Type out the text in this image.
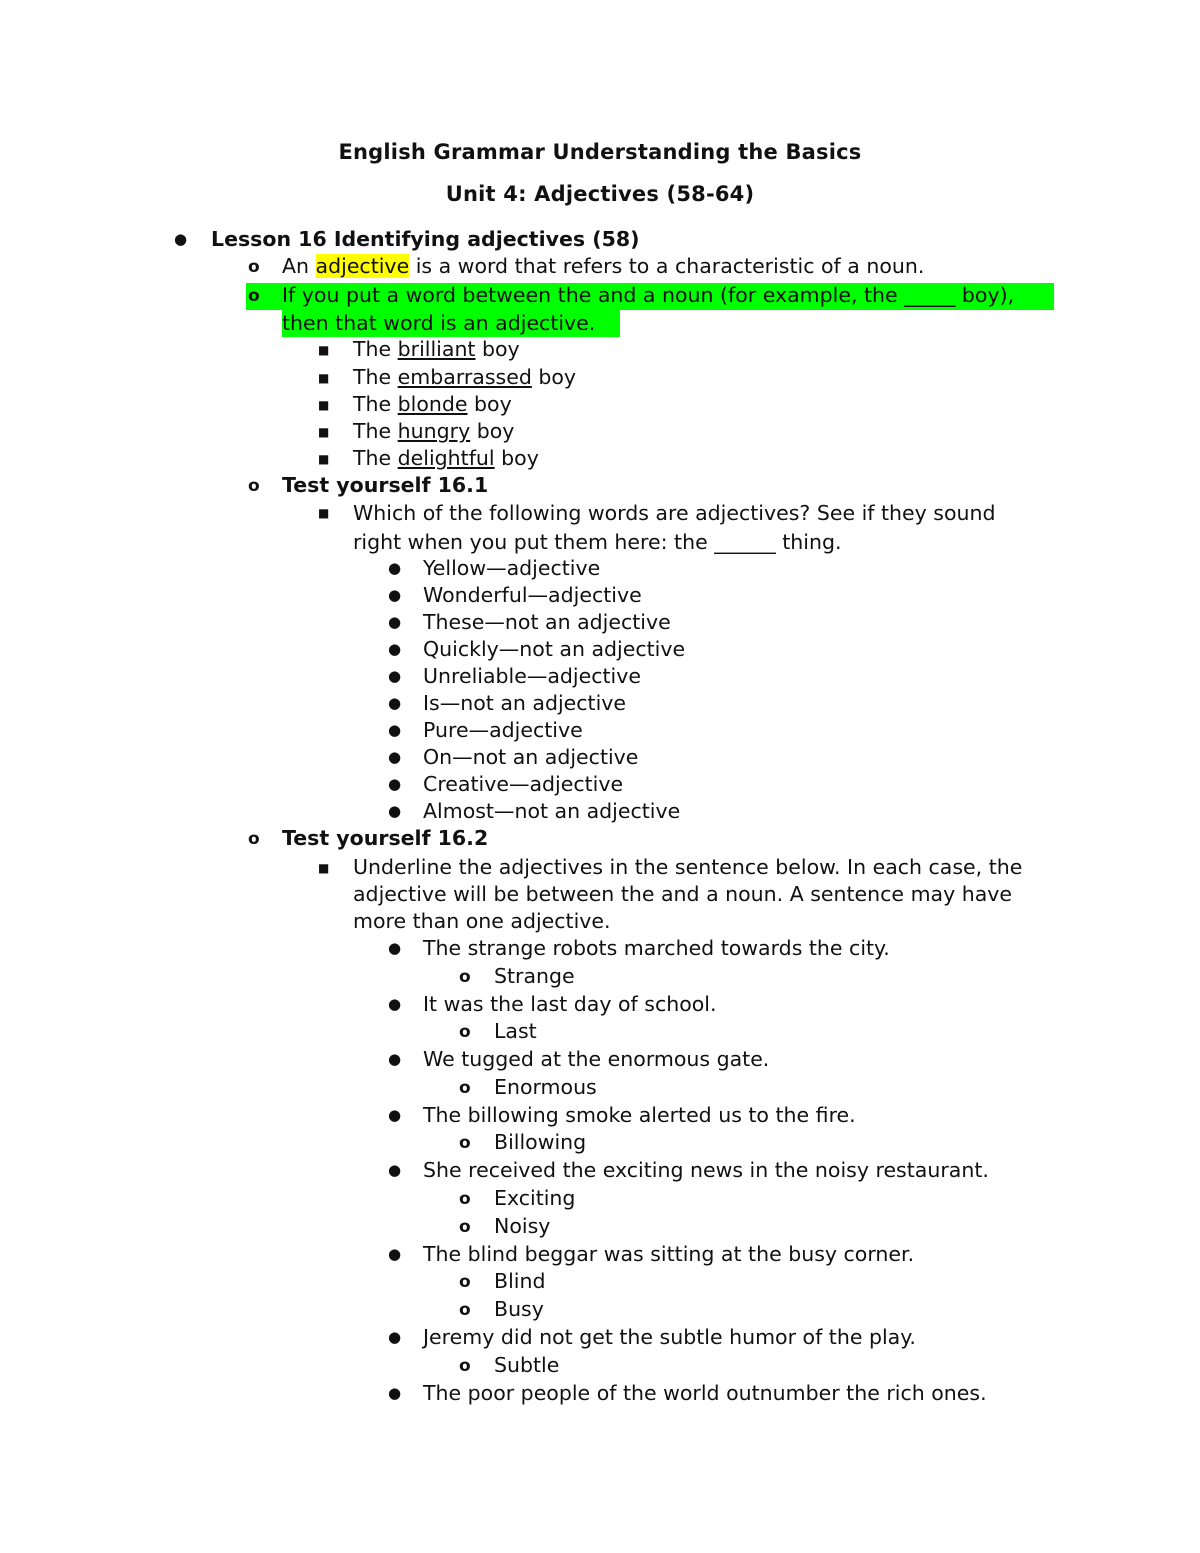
English Grammar Understanding the Basics
Unit 4: Adjectives (58-64)
● Lesson 16 Identifying adjectives (58)
o An adjective is a word that refers to a characteristic of a noun.
o If you put a word between the and a noun (for example, the _____ boy),
then that word is an adjective.
■ The brilliant boy
■ The embarrassed boy
■ The blonde boy
■ The hungry boy
■ The delightful boy
o Test yourself 16.1
■ Which of the following words are adjectives? See if they sound
right when you put them here: the ______ thing.
● Yellow—adjective
● Wonderful—adjective
● These—not an adjective
● Quickly—not an adjective
● Unreliable—adjective
● Is—not an adjective
● Pure—adjective
● On—not an adjective
● Creative—adjective
● Almost—not an adjective
o Test yourself 16.2
■ Underline the adjectives in the sentence below. In each case, the
adjective will be between the and a noun. A sentence may have
more than one adjective.
● The strange robots marched towards the city.
o Strange
● It was the last day of school.
o Last
● We tugged at the enormous gate.
o Enormous
● The billowing smoke alerted us to the fire.
o Billowing
● She received the exciting news in the noisy restaurant.
o Exciting
o Noisy
● The blind beggar was sitting at the busy corner.
o Blind
o Busy
● Jeremy did not get the subtle humor of the play.
o Subtle
● The poor people of the world outnumber the rich ones.
